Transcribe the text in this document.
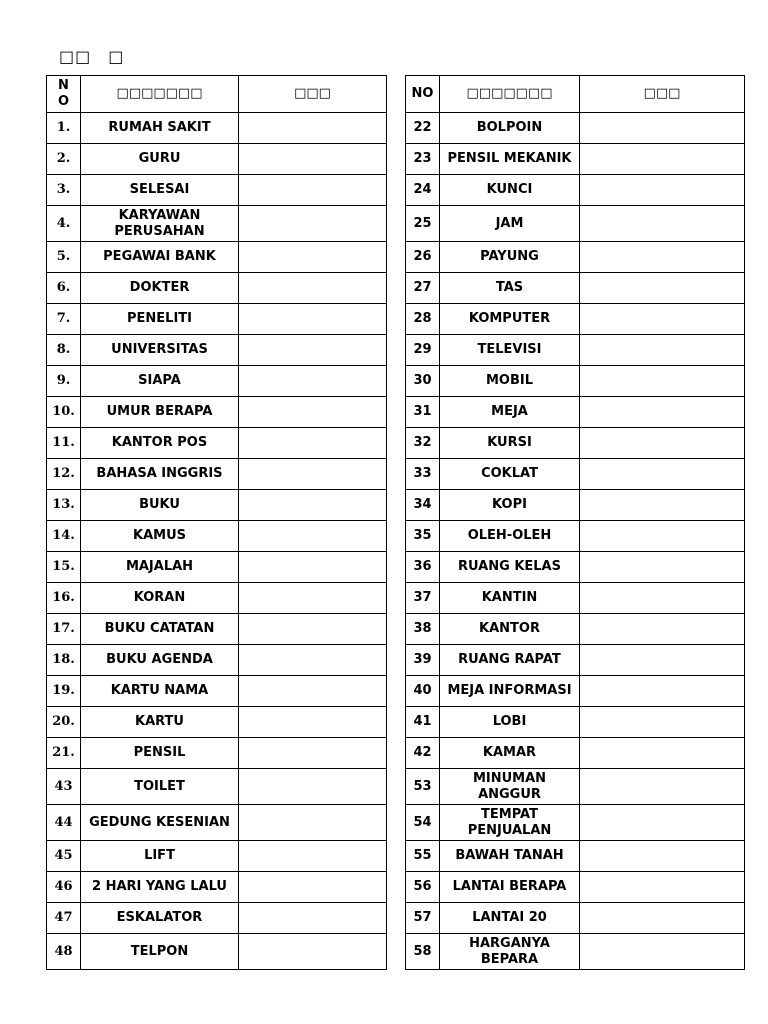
□□　□
N
O	□□□□□□□	□□□
1.	RUMAH SAKIT	
2.	GURU	
3.	SELESAI	
4.	KARYAWAN PERUSAHAN	
5.	PEGAWAI BANK	
6.	DOKTER	
7.	PENELITI	
8.	UNIVERSITAS	
9.	SIAPA	
10.	UMUR BERAPA	
11.	KANTOR POS	
12.	BAHASA INGGRIS	
13.	BUKU	
14.	KAMUS	
15.	MAJALAH	
16.	KORAN	
17.	BUKU CATATAN	
18.	BUKU AGENDA	
19.	KARTU NAMA	
20.	KARTU	
21.	PENSIL	
43	TOILET	
44	GEDUNG KESENIAN	
45	LIFT	
46	2 HARI YANG LALU	
47	ESKALATOR	
48	TELPON	
NO	□□□□□□□	□□□
22	BOLPOIN	
23	PENSIL MEKANIK	
24	KUNCI	
25	JAM	
26	PAYUNG	
27	TAS	
28	KOMPUTER	
29	TELEVISI	
30	MOBIL	
31	MEJA	
32	KURSI	
33	COKLAT	
34	KOPI	
35	OLEH-OLEH	
36	RUANG KELAS	
37	KANTIN	
38	KANTOR	
39	RUANG RAPAT	
40	MEJA INFORMASI	
41	LOBI	
42	KAMAR	
53	MINUMAN ANGGUR	
54	TEMPAT PENJUALAN	
55	BAWAH TANAH	
56	LANTAI BERAPA	
57	LANTAI 20	
58	HARGANYA BEPARA	
